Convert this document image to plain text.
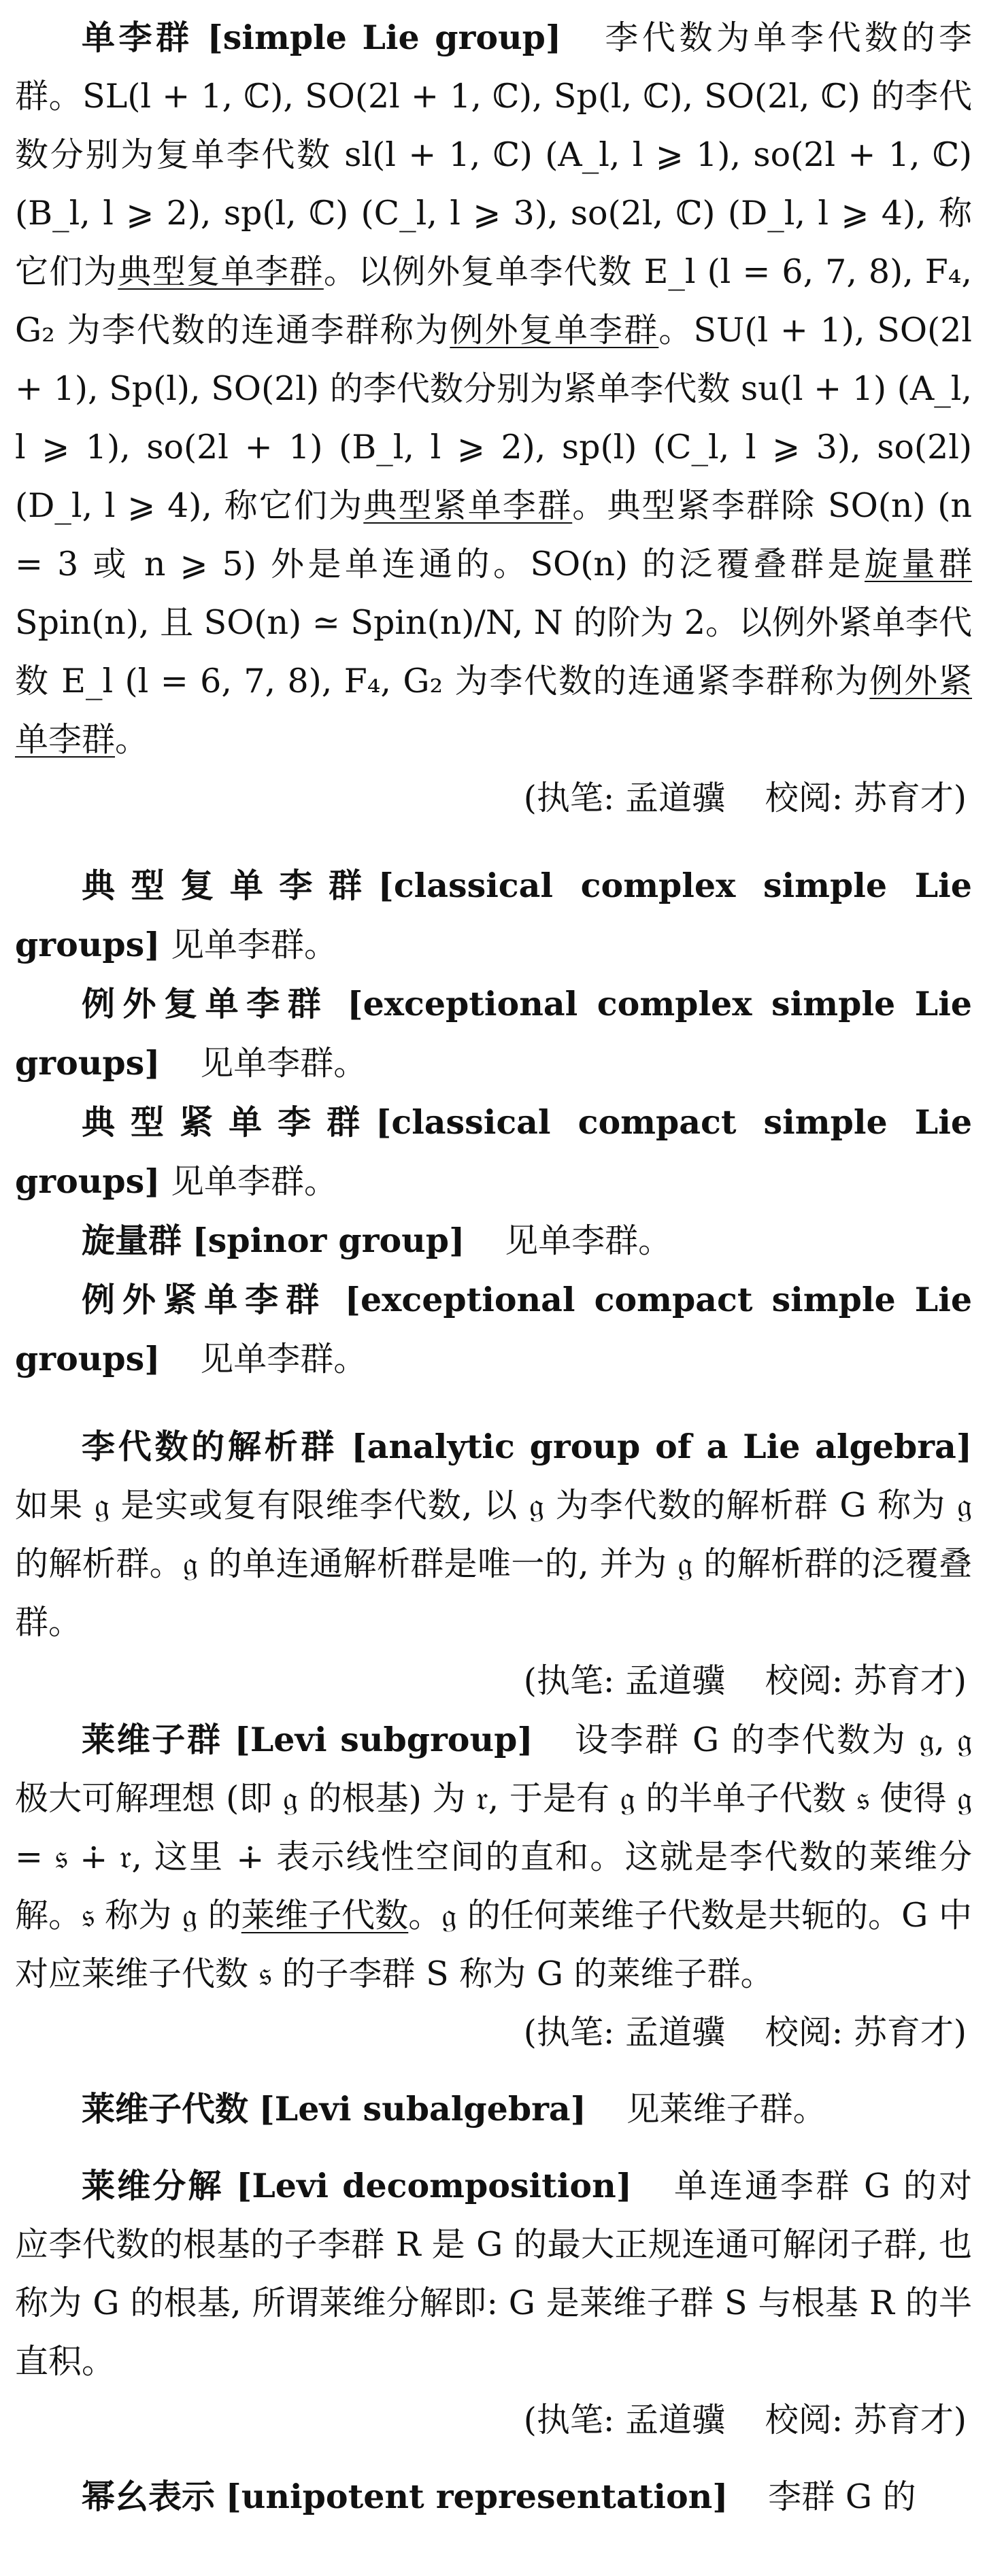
单李群 [simple Lie group] 李代数为单李代数的李群。SL(l + 1, ℂ), SO(2l + 1, ℂ), Sp(l, ℂ), SO(2l, ℂ) 的李代数分别为复单李代数 sl(l + 1, ℂ) (A_l, l ⩾ 1), so(2l + 1, ℂ) (B_l, l ⩾ 2), sp(l, ℂ) (C_l, l ⩾ 3), so(2l, ℂ) (D_l, l ⩾ 4), 称它们为典型复单李群。以例外复单李代数 E_l (l = 6, 7, 8), F₄, G₂ 为李代数的连通李群称为例外复单李群。SU(l + 1), SO(2l + 1), Sp(l), SO(2l) 的李代数分别为紧单李代数 su(l + 1) (A_l, l ⩾ 1), so(2l + 1) (B_l, l ⩾ 2), sp(l) (C_l, l ⩾ 3), so(2l) (D_l, l ⩾ 4), 称它们为典型紧单李群。典型紧李群除 SO(n) (n = 3 或 n ⩾ 5) 外是单连通的。SO(n) 的泛覆叠群是旋量群 Spin(n), 且 SO(n) ≃ Spin(n)/N, N 的阶为 2。以例外紧单李代数 E_l (l = 6, 7, 8), F₄, G₂ 为李代数的连通紧李群称为例外紧单李群。

(执笔: 孟道骥 校阅: 苏育才)

典型复单李群[classical complex simple Lie groups] 见单李群。

例外复单李群 [exceptional complex simple Lie groups] 见单李群。

典型紧单李群[classical compact simple Lie groups] 见单李群。

旋量群 [spinor group] 见单李群。

例外紧单李群 [exceptional compact simple Lie groups] 见单李群。

李代数的解析群 [analytic group of a Lie algebra] 如果 𝔤 是实或复有限维李代数, 以 𝔤 为李代数的解析群 G 称为 𝔤 的解析群。𝔤 的单连通解析群是唯一的, 并为 𝔤 的解析群的泛覆叠群。

(执笔: 孟道骥 校阅: 苏育才)

莱维子群 [Levi subgroup] 设李群 G 的李代数为 𝔤, 𝔤 极大可解理想 (即 𝔤 的根基) 为 𝔯, 于是有 𝔤 的半单子代数 𝔰 使得 𝔤 = 𝔰 ∔ 𝔯, 这里 ∔ 表示线性空间的直和。这就是李代数的莱维分解。𝔰 称为 𝔤 的莱维子代数。𝔤 的任何莱维子代数是共轭的。G 中对应莱维子代数 𝔰 的子李群 S 称为 G 的莱维子群。

(执笔: 孟道骥 校阅: 苏育才)

莱维子代数 [Levi subalgebra] 见莱维子群。

莱维分解 [Levi decomposition] 单连通李群 G 的对应李代数的根基的子李群 R 是 G 的最大正规连通可解闭子群, 也称为 G 的根基, 所谓莱维分解即: G 是莱维子群 S 与根基 R 的半直积。

(执笔: 孟道骥 校阅: 苏育才)

幂幺表示 [unipotent representation] 李群 G 的
